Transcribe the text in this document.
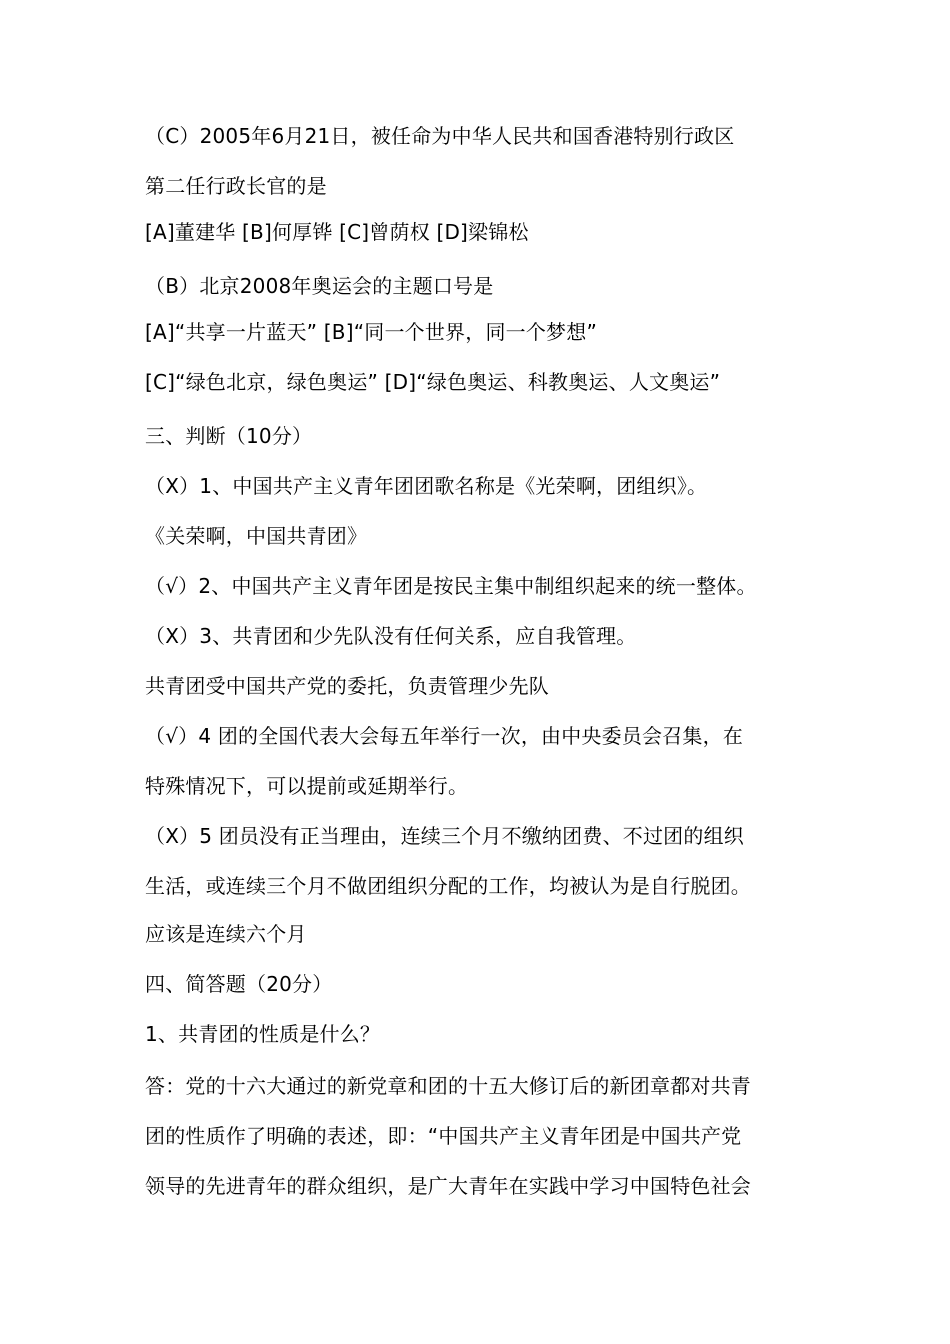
（C）2005年6月21日，被任命为中华人民共和国香港特别行政区
第二任行政长官的是
[A]董建华 [B]何厚铧 [C]曾荫权 [D]梁锦松
（B）北京2008年奥运会的主题口号是
[A]“共享一片蓝天” [B]“同一个世界，同一个梦想”
[C]“绿色北京，绿色奥运” [D]“绿色奥运、科教奥运、人文奥运”
三、判断（10分）
（X）1、中国共产主义青年团团歌名称是《光荣啊，团组织》。
《关荣啊，中国共青团》
（√）2、中国共产主义青年团是按民主集中制组织起来的统一整体。
（X）3、共青团和少先队没有任何关系，应自我管理。
共青团受中国共产党的委托，负责管理少先队
（√）4 团的全国代表大会每五年举行一次，由中央委员会召集，在
特殊情况下，可以提前或延期举行。
（X）5 团员没有正当理由，连续三个月不缴纳团费、不过团的组织
生活，或连续三个月不做团组织分配的工作，均被认为是自行脱团。
应该是连续六个月
四、简答题（20分）
1、共青团的性质是什么？
答：党的十六大通过的新党章和团的十五大修订后的新团章都对共青
团的性质作了明确的表述，即：“中国共产主义青年团是中国共产党
领导的先进青年的群众组织，是广大青年在实践中学习中国特色社会
